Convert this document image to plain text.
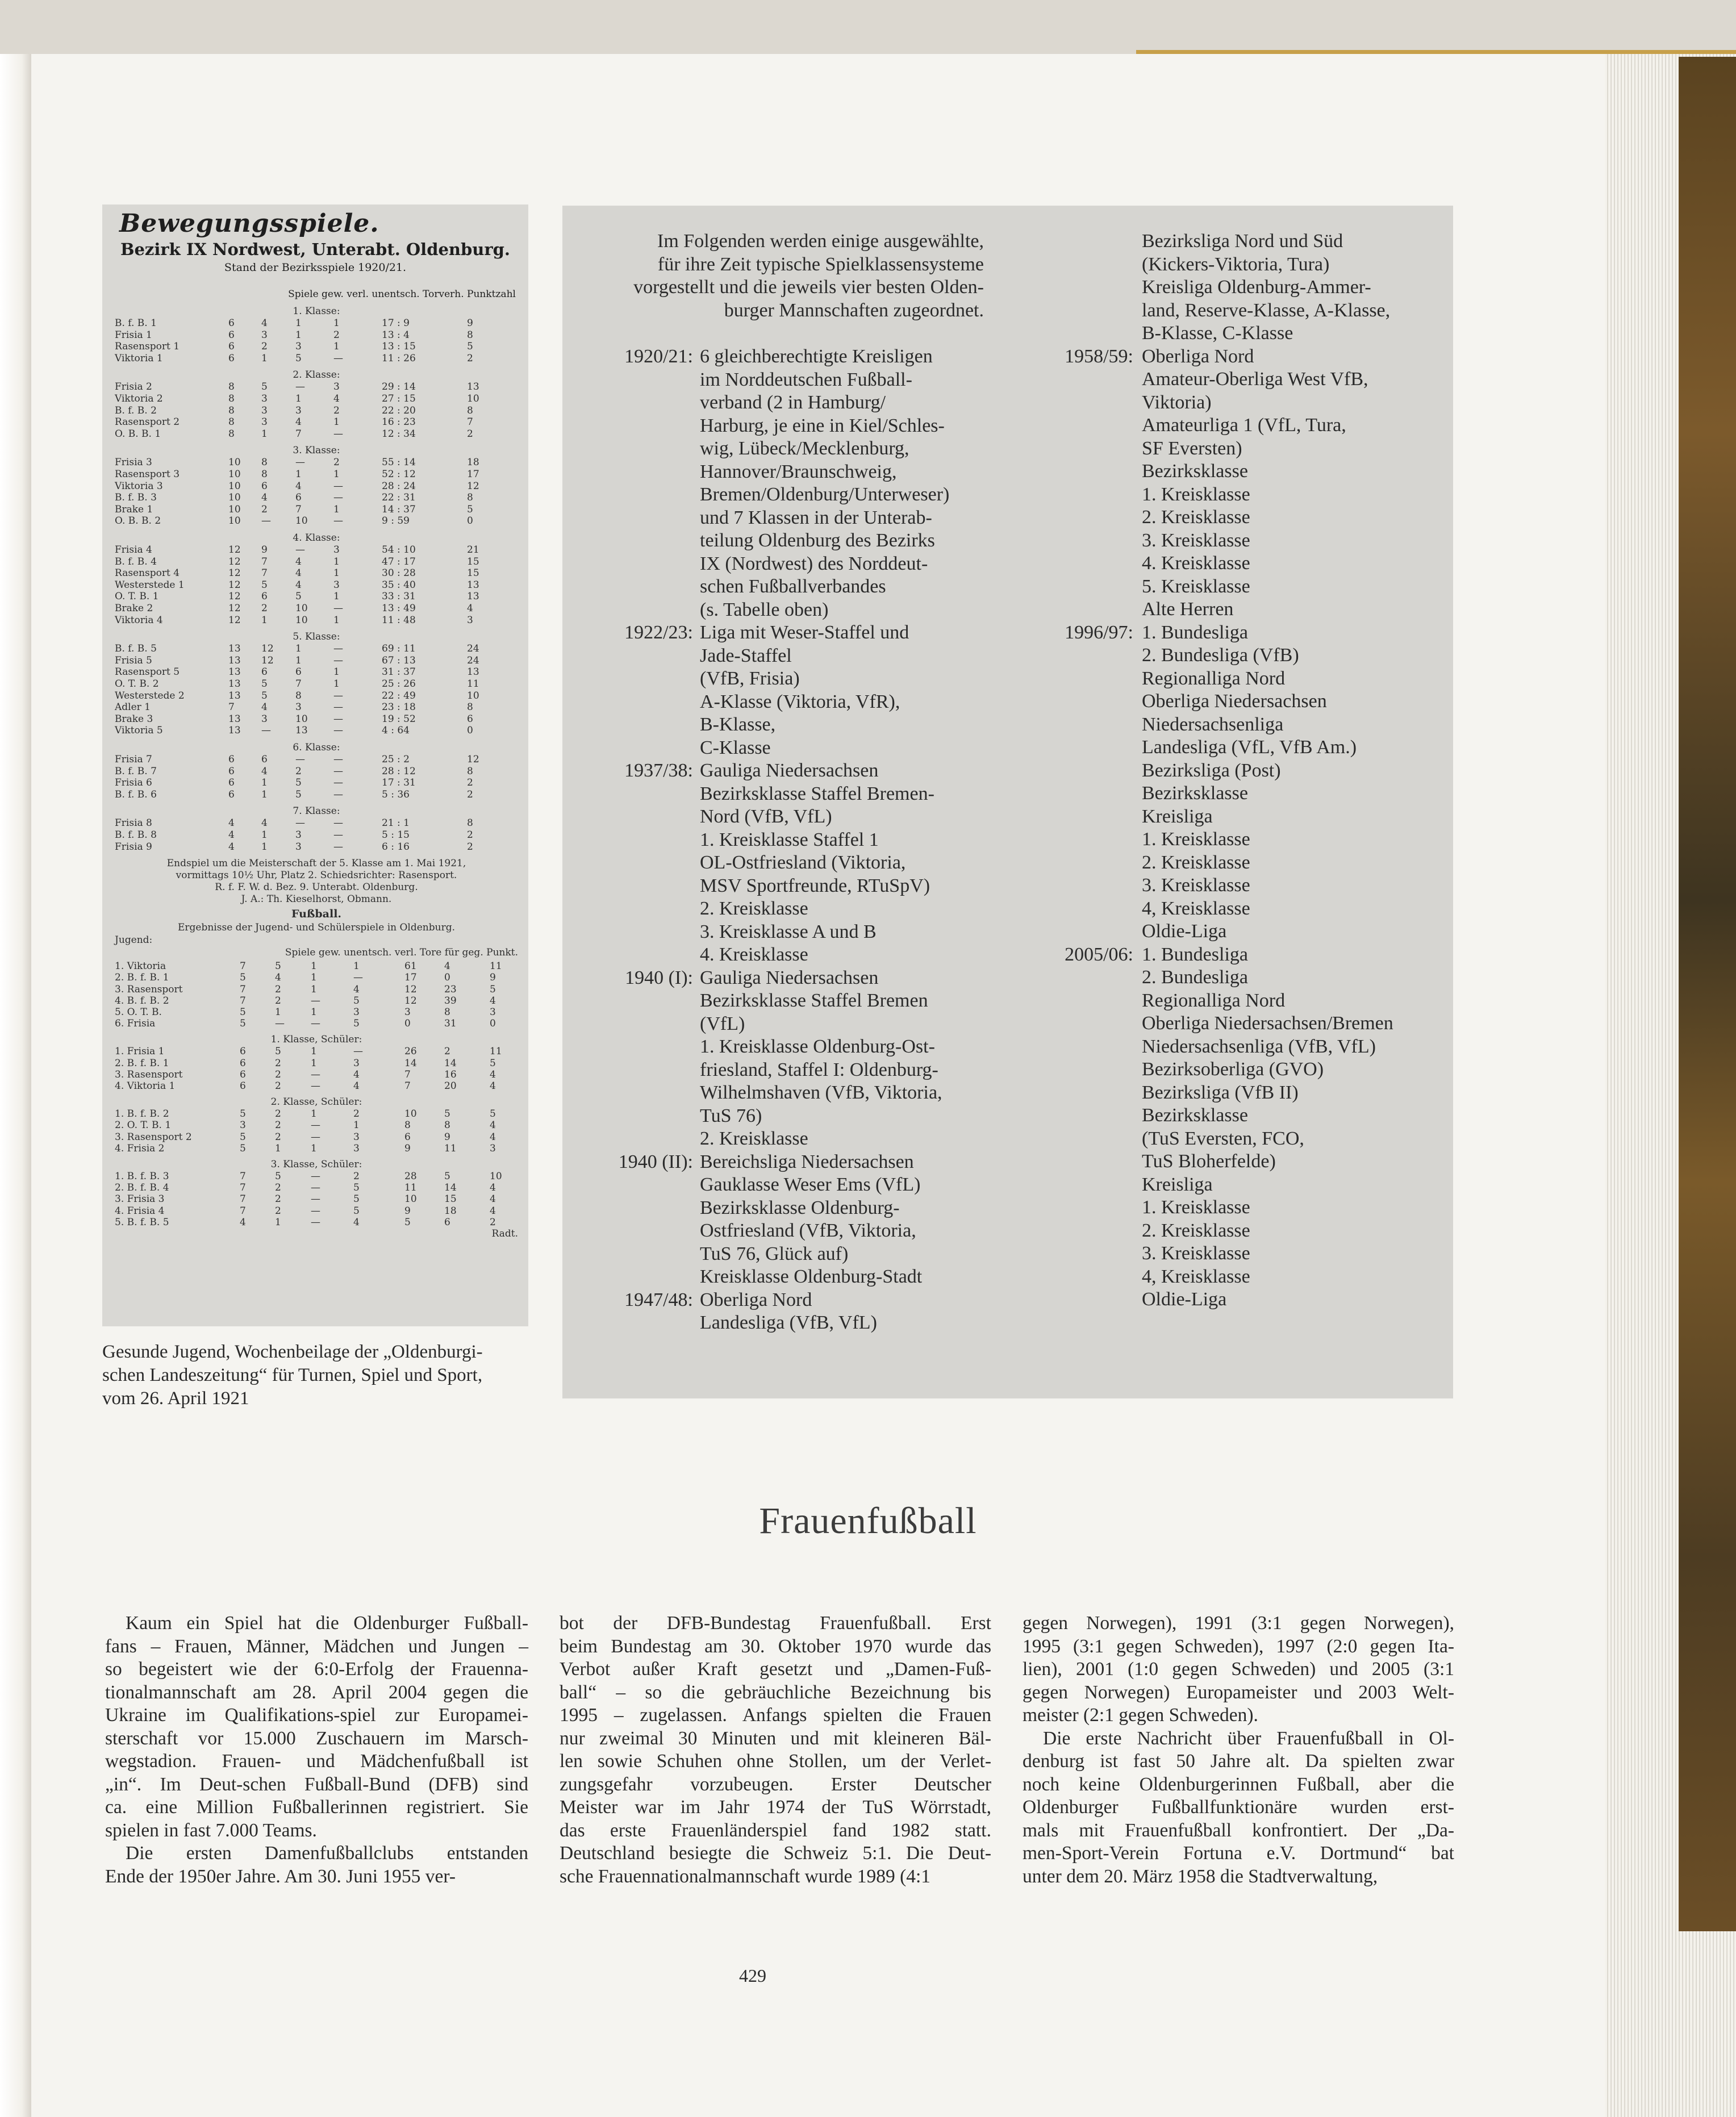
Bewegungsspiele.
Bezirk IX Nordwest, Unterabt. Oldenburg.
Stand der Bezirksspiele 1920/21.
Spiele gew. verl. unentsch. Torverh. Punktzahl
1. Klasse:
B. f. B. 1	6	4	1	1	17 : 9	9
Frisia 1	6	3	1	2	13 : 4	8
Rasensport 1	6	2	3	1	13 : 15	5
Viktoria 1	6	1	5	—	11 : 26	2
2. Klasse:
Frisia 2	8	5	—	3	29 : 14	13
Viktoria 2	8	3	1	4	27 : 15	10
B. f. B. 2	8	3	3	2	22 : 20	8
Rasensport 2	8	3	4	1	16 : 23	7
O. B. B. 1	8	1	7	—	12 : 34	2
3. Klasse:
Frisia 3	10 8	—	2	55 : 14	18
Rasensport 3	10 8	1	1	52 : 12	17
Viktoria 3	10 6	4	—	28 : 24	12
B. f. B. 3	10 4	6	—	22 : 31	8
Brake 1	10 2	7	1	14 : 37	5
O. B. B. 2	10 —	10	—	9 : 59	0
4. Klasse:
Frisia 4	12 9	—	3	54 : 10	21
B. f. B. 4	12 7	4	1	47 : 17	15
Rasensport 4	12 7	4	1	30 : 28	15
Westerstede 1	12 5	4	3	35 : 40	13
O. T. B. 1	12 6	5	1	33 : 31	13
Brake 2	12 2	10	—	13 : 49	4
Viktoria 4	12 1	10	1	11 : 48	3
5. Klasse:
B. f. B. 5	13 12 1	—	69 : 11	24
Frisia 5	13 12 1	—	67 : 13	24
Rasensport 5	13 6	6	1	31 : 37	13
O. T. B. 2	13 5	7	1	25 : 26	11
Westerstede 2	13 5	8	—	22 : 49	10
Adler 1	7	4	3	—	23 : 18	8
Brake 3	13 3	10	—	19 : 52	6
Viktoria 5	13 —	13	—	4 : 64	0
6. Klasse:
Frisia 7	6	6	—	—	25 : 2	12
B. f. B. 7	6	4	2	—	28 : 12	8
Frisia 6	6	1	5	—	17 : 31	2
B. f. B. 6	6	1	5	—	5 : 36	2
7. Klasse:
Frisia 8	4	4	—	—	21 : 1	8
B. f. B. 8	4	1	3	—	5 : 15	2
Frisia 9	4	1	3	—	6 : 16	2
Endspiel um die Meisterschaft der 5. Klasse am 1. Mai 1921,
vormittags 10½ Uhr, Platz 2. Schiedsrichter: Rasensport.
R. f. F. W. d. Bez. 9. Unterabt. Oldenburg.
J. A.: Th. Kieselhorst, Obmann.
Fußball.
Ergebnisse der Jugend- und Schülerspiele in Oldenburg.
Jugend:
Spiele gew. unentsch. verl. Tore für geg. Punkt.
1. Viktoria	7	5	1	1	61	4	11
2. B. f. B. 1	5	4	1	—	17	0	9
3. Rasensport	7	2	1	4	12	23	5
4. B. f. B. 2	7	2	—	5	12	39	4
5. O. T. B.	5	1	1	3	3	8	3
6. Frisia	5	—	—	5	0	31	0
1. Klasse, Schüler:
1. Frisia 1	6	5	1	—	26	2	11
2. B. f. B. 1	6	2	1	3	14	14	5
3. Rasensport	6	2	—	4	7	16	4
4. Viktoria 1	6	2	—	4	7	20	4
2. Klasse, Schüler:
1. B. f. B. 2	5	2	1	2	10	5	5
2. O. T. B. 1	3	2	—	1	8	8	4
3. Rasensport 2	5	2	—	3	6	9	4
4. Frisia 2	5	1	1	3	9	11	3
3. Klasse, Schüler:
1. B. f. B. 3	7	5	—	2	28	5	10
2. B. f. B. 4	7	2	—	5	11	14	4
3. Frisia 3	7	2	—	5	10	15	4
4. Frisia 4	7	2	—	5	9	18	4
5. B. f. B. 5	4	1	—	4	5	6	2
Radt.
Gesunde Jugend, Wochenbeilage der „Oldenburgi-
schen Landeszeitung“ für Turnen, Spiel und Sport,
vom 26. April 1921
Im Folgenden werden einige ausgewählte,
für ihre Zeit typische Spielklassensysteme
vorgestellt und die jeweils vier besten Olden-
burger Mannschaften zugeordnet.
1920/21: 6 gleichberechtigte Kreisligen
im Norddeutschen Fußball-
verband (2 in Hamburg/
Harburg, je eine in Kiel/Schles-
wig, Lübeck/Mecklenburg,
Hannover/Braunschweig,
Bremen/Oldenburg/Unterweser)
und 7 Klassen in der Unterab-
teilung Oldenburg des Bezirks
IX (Nordwest) des Norddeut-
schen Fußballverbandes
(s. Tabelle oben)
1922/23: Liga mit Weser-Staffel und
Jade-Staffel
(VfB, Frisia)
A-Klasse (Viktoria, VfR),
B-Klasse,
C-Klasse
1937/38: Gauliga Niedersachsen
Bezirksklasse Staffel Bremen-
Nord (VfB, VfL)
1. Kreisklasse Staffel 1
OL-Ostfriesland (Viktoria,
MSV Sportfreunde, RTuSpV)
2. Kreisklasse
3. Kreisklasse A und B
4. Kreisklasse
1940 (I): Gauliga Niedersachsen
Bezirksklasse Staffel Bremen
(VfL)
1. Kreisklasse Oldenburg-Ost-
friesland, Staffel I: Oldenburg-
Wilhelmshaven (VfB, Viktoria,
TuS 76)
2. Kreisklasse
1940 (II): Bereichsliga Niedersachsen
Gauklasse Weser Ems (VfL)
Bezirksklasse Oldenburg-
Ostfriesland (VfB, Viktoria,
TuS 76, Glück auf)
Kreisklasse Oldenburg-Stadt
1947/48: Oberliga Nord
Landesliga (VfB, VfL)
Bezirksliga Nord und Süd
(Kickers-Viktoria, Tura)
Kreisliga Oldenburg-Ammer-
land, Reserve-Klasse, A-Klasse,
B-Klasse, C-Klasse
1958/59: Oberliga Nord
Amateur-Oberliga West VfB,
Viktoria)
Amateurliga 1 (VfL, Tura,
SF Eversten)
Bezirksklasse
1. Kreisklasse
2. Kreisklasse
3. Kreisklasse
4. Kreisklasse
5. Kreisklasse
Alte Herren
1996/97: 1. Bundesliga
2. Bundesliga (VfB)
Regionalliga Nord
Oberliga Niedersachsen
Niedersachsenliga
Landesliga (VfL, VfB Am.)
Bezirksliga (Post)
Bezirksklasse
Kreisliga
1. Kreisklasse
2. Kreisklasse
3. Kreisklasse
4, Kreisklasse
Oldie-Liga
2005/06: 1. Bundesliga
2. Bundesliga
Regionalliga Nord
Oberliga Niedersachsen/Bremen
Niedersachsenliga (VfB, VfL)
Bezirksoberliga (GVO)
Bezirksliga (VfB II)
Bezirksklasse
(TuS Eversten, FCO,
TuS Bloherfelde)
Kreisliga
1. Kreisklasse
2. Kreisklasse
3. Kreisklasse
4, Kreisklasse
Oldie-Liga
Frauenfußball
Kaum ein Spiel hat die Oldenburger Fußball-
fans – Frauen, Männer, Mädchen und Jungen –
so begeistert wie der 6:0-Erfolg der Frauenna-
tionalmannschaft am 28. April 2004 gegen die
Ukraine im Qualifikations-spiel zur Europamei-
sterschaft vor 15.000 Zuschauern im Marsch-
wegstadion. Frauen- und Mädchenfußball ist
„in“. Im Deut-schen Fußball-Bund (DFB) sind
ca. eine Million Fußballerinnen registriert. Sie
spielen in fast 7.000 Teams.
Die ersten Damenfußballclubs entstanden
Ende der 1950er Jahre. Am 30. Juni 1955 ver-
bot der DFB-Bundestag Frauenfußball. Erst
beim Bundestag am 30. Oktober 1970 wurde das
Verbot außer Kraft gesetzt und „Damen-Fuß-
ball“ – so die gebräuchliche Bezeichnung bis
1995 – zugelassen. Anfangs spielten die Frauen
nur zweimal 30 Minuten und mit kleineren Bäl-
len sowie Schuhen ohne Stollen, um der Verlet-
zungsgefahr vorzubeugen. Erster Deutscher
Meister war im Jahr 1974 der TuS Wörrstadt,
das erste Frauenländerspiel fand 1982 statt.
Deutschland besiegte die Schweiz 5:1. Die Deut-
sche Frauennationalmannschaft wurde 1989 (4:1
gegen Norwegen), 1991 (3:1 gegen Norwegen),
1995 (3:1 gegen Schweden), 1997 (2:0 gegen Ita-
lien), 2001 (1:0 gegen Schweden) und 2005 (3:1
gegen Norwegen) Europameister und 2003 Welt-
meister (2:1 gegen Schweden).
Die erste Nachricht über Frauenfußball in Ol-
denburg ist fast 50 Jahre alt. Da spielten zwar
noch keine Oldenburgerinnen Fußball, aber die
Oldenburger Fußballfunktionäre wurden erst-
mals mit Frauenfußball konfrontiert. Der „Da-
men-Sport-Verein Fortuna e.V. Dortmund“ bat
unter dem 20. März 1958 die Stadtverwaltung,
429
